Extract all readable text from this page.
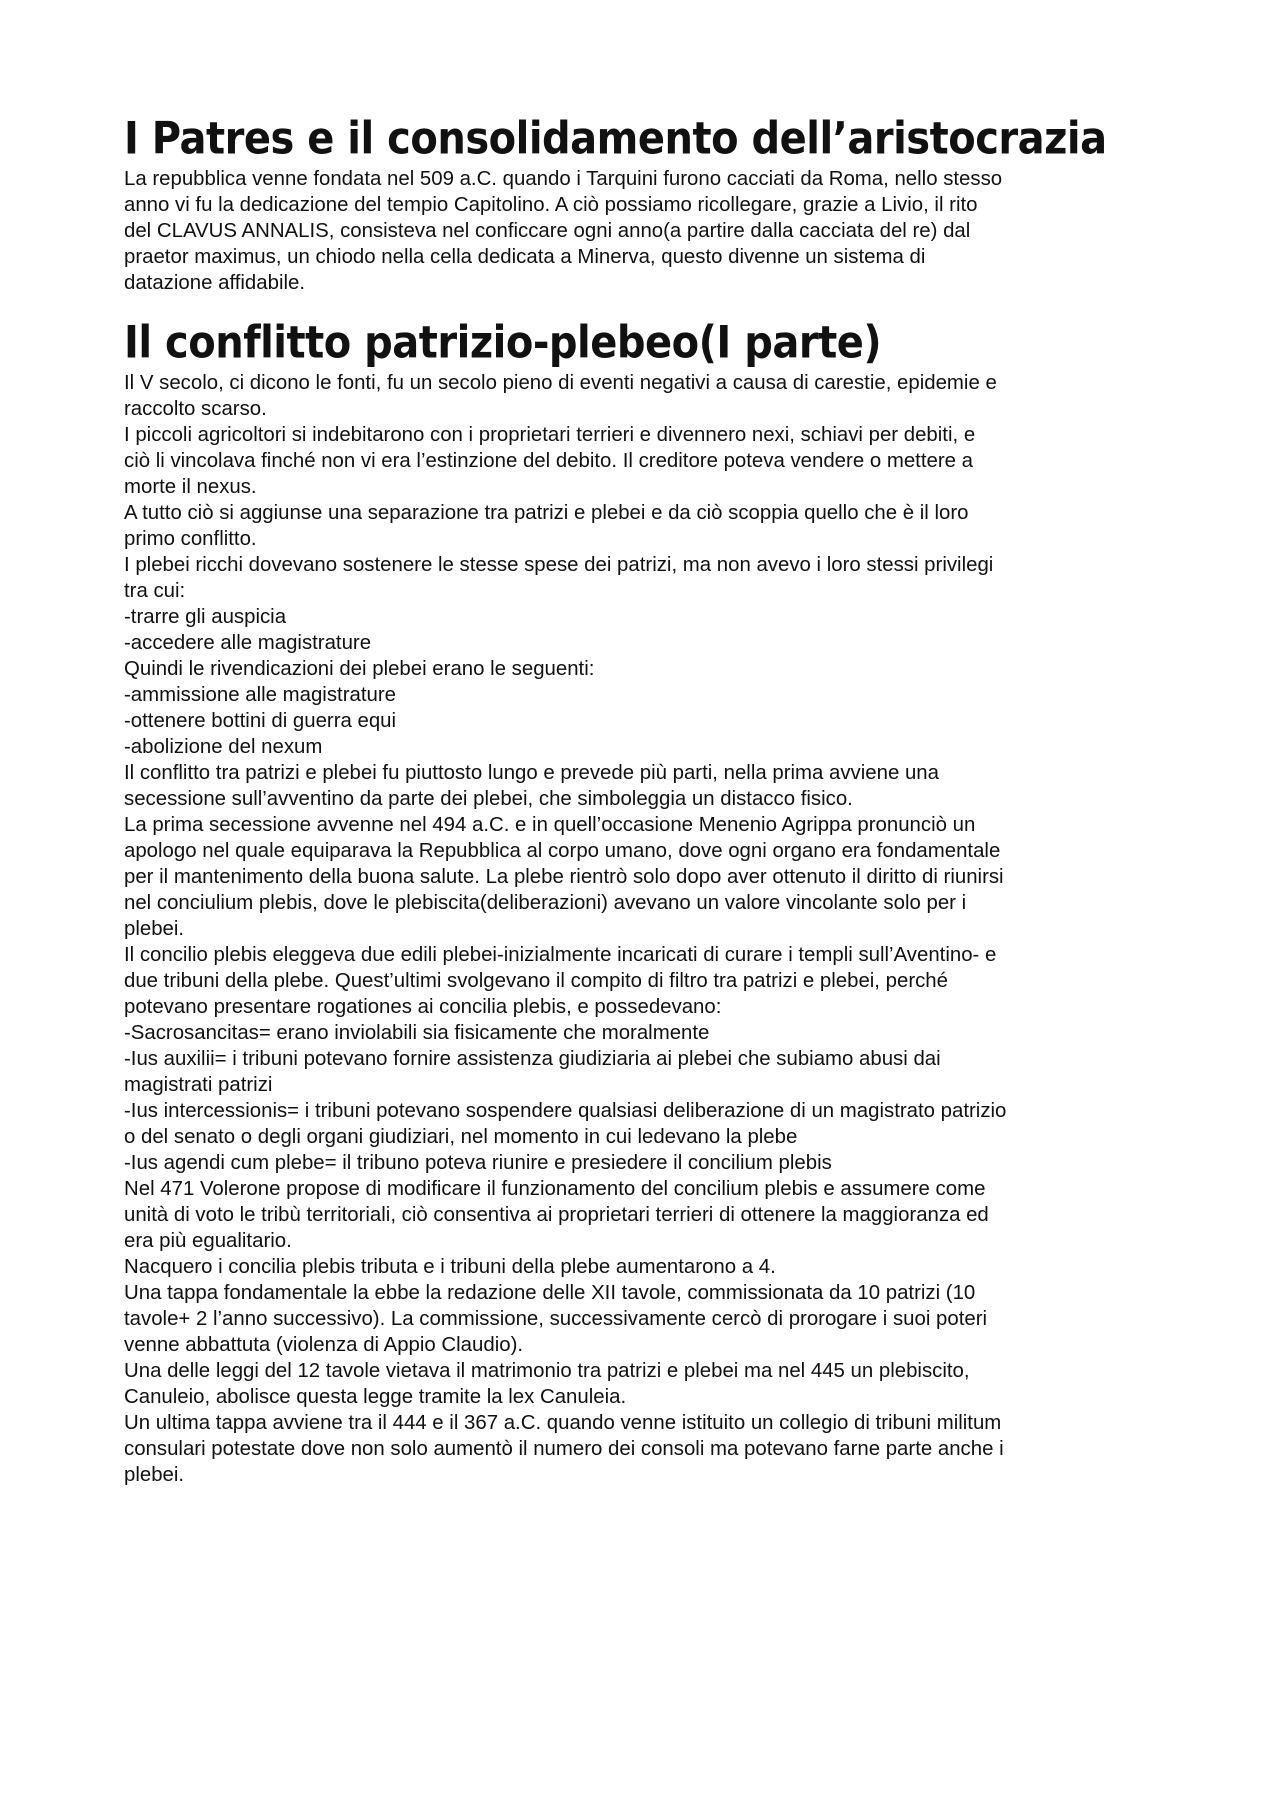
I Patres e il consolidamento dell’aristocrazia

La repubblica venne fondata nel 509 a.C. quando i Tarquini furono cacciati da Roma, nello stesso

anno vi fu la dedicazione del tempio Capitolino. A ciò possiamo ricollegare, grazie a Livio, il rito

del CLAVUS ANNALIS, consisteva nel conficcare ogni anno(a partire dalla cacciata del re) dal

praetor maximus, un chiodo nella cella dedicata a Minerva, questo divenne un sistema di

datazione affidabile.

Il conflitto patrizio-plebeo(I parte)

Il V secolo, ci dicono le fonti, fu un secolo pieno di eventi negativi a causa di carestie, epidemie e

raccolto scarso.

I piccoli agricoltori si indebitarono con i proprietari terrieri e divennero nexi, schiavi per debiti, e

ciò li vincolava finché non vi era l’estinzione del debito. Il creditore poteva vendere o mettere a

morte il nexus.

A tutto ciò si aggiunse una separazione tra patrizi e plebei e da ciò scoppia quello che è il loro

primo conflitto.

I plebei ricchi dovevano sostenere le stesse spese dei patrizi, ma non avevo i loro stessi privilegi

tra cui:

-trarre gli auspicia

-accedere alle magistrature

Quindi le rivendicazioni dei plebei erano le seguenti:

-ammissione alle magistrature

-ottenere bottini di guerra equi

-abolizione del nexum

Il conflitto tra patrizi e plebei fu piuttosto lungo e prevede più parti, nella prima avviene una

secessione sull’avventino da parte dei plebei, che simboleggia un distacco fisico.

La prima secessione avvenne nel 494 a.C. e in quell’occasione Menenio Agrippa pronunciò un

apologo nel quale equiparava la Repubblica al corpo umano, dove ogni organo era fondamentale

per il mantenimento della buona salute. La plebe rientrò solo dopo aver ottenuto il diritto di riunirsi

nel conciulium plebis, dove le plebiscita(deliberazioni) avevano un valore vincolante solo per i

plebei.

Il concilio plebis eleggeva due edili plebei-inizialmente incaricati di curare i templi sull’Aventino- e

due tribuni della plebe. Quest’ultimi svolgevano il compito di filtro tra patrizi e plebei, perché

potevano presentare rogationes ai concilia plebis, e possedevano:

-Sacrosancitas= erano inviolabili sia fisicamente che moralmente

-Ius auxilii= i tribuni potevano fornire assistenza giudiziaria ai plebei che subiamo abusi dai

magistrati patrizi

-Ius intercessionis= i tribuni potevano sospendere qualsiasi deliberazione di un magistrato patrizio

o del senato o degli organi giudiziari, nel momento in cui ledevano la plebe

-Ius agendi cum plebe= il tribuno poteva riunire e presiedere il concilium plebis

Nel 471 Volerone propose di modificare il funzionamento del concilium plebis e assumere come

unità di voto le tribù territoriali, ciò consentiva ai proprietari terrieri di ottenere la maggioranza ed

era più egualitario.

Nacquero i concilia plebis tributa e i tribuni della plebe aumentarono a 4.

Una tappa fondamentale la ebbe la redazione delle XII tavole, commissionata da 10 patrizi (10

tavole+ 2 l’anno successivo). La commissione, successivamente cercò di prorogare i suoi poteri

venne abbattuta (violenza di Appio Claudio).

Una delle leggi del 12 tavole vietava il matrimonio tra patrizi e plebei ma nel 445 un plebiscito,

Canuleio, abolisce questa legge tramite la lex Canuleia.

Un ultima tappa avviene tra il 444 e il 367 a.C. quando venne istituito un collegio di tribuni militum

consulari potestate dove non solo aumentò il numero dei consoli ma potevano farne parte anche i

plebei.
